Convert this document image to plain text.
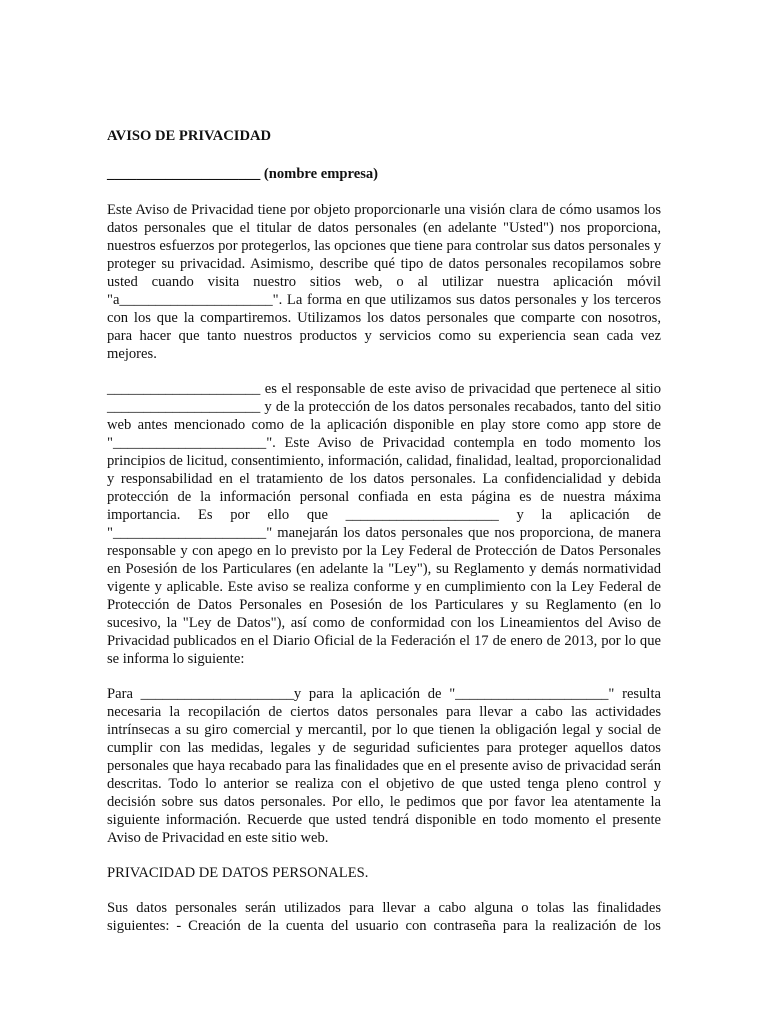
AVISO DE PRIVACIDAD
_____________________ (nombre empresa)

Este Aviso de Privacidad tiene por objeto proporcionarle una visión clara de cómo usamos los datos personales que el titular de datos personales (en adelante "Usted") nos proporciona, nuestros esfuerzos por protegerlos, las opciones que tiene para controlar sus datos personales y proteger su privacidad. Asimismo, describe qué tipo de datos personales recopilamos sobre usted cuando visita nuestro sitios web, o al utilizar nuestra aplicación móvil "a_____________________". La forma en que utilizamos sus datos personales y los terceros con los que la compartiremos. Utilizamos los datos personales que comparte con nosotros, para hacer que tanto nuestros productos y servicios como su experiencia sean cada vez mejores.

_____________________ es el responsable de este aviso de privacidad que pertenece al sitio _____________________ y de la protección de los datos personales recabados, tanto del sitio web antes mencionado como de la aplicación disponible en play store como app store de "_____________________". Este Aviso de Privacidad contempla en todo momento los principios de licitud, consentimiento, información, calidad, finalidad, lealtad, proporcionalidad y responsabilidad en el tratamiento de los datos personales. La confidencialidad y debida protección de la información personal confiada en esta página es de nuestra máxima importancia. Es por ello que _____________________ y la aplicación de "_____________________" manejarán los datos personales que nos proporciona, de manera responsable y con apego en lo previsto por la Ley Federal de Protección de Datos Personales en Posesión de los Particulares (en adelante la "Ley"), su Reglamento y demás normatividad vigente y aplicable. Este aviso se realiza conforme y en cumplimiento con la Ley Federal de Protección de Datos Personales en Posesión de los Particulares y su Reglamento (en lo sucesivo, la "Ley de Datos"), así como de conformidad con los Lineamientos del Aviso de Privacidad publicados en el Diario Oficial de la Federación el 17 de enero de 2013, por lo que se informa lo siguiente:

Para _____________________y para la aplicación de "_____________________" resulta necesaria la recopilación de ciertos datos personales para llevar a cabo las actividades intrínsecas a su giro comercial y mercantil, por lo que tienen la obligación legal y social de cumplir con las medidas, legales y de seguridad suficientes para proteger aquellos datos personales que haya recabado para las finalidades que en el presente aviso de privacidad serán descritas. Todo lo anterior se realiza con el objetivo de que usted tenga pleno control y decisión sobre sus datos personales. Por ello, le pedimos que por favor lea atentamente la siguiente información. Recuerde que usted tendrá disponible en todo momento el presente Aviso de Privacidad en este sitio web.

PRIVACIDAD DE DATOS PERSONALES.

Sus datos personales serán utilizados para llevar a cabo alguna o tolas las finalidades siguientes: - Creación de la cuenta del usuario con contraseña para la realización de los
